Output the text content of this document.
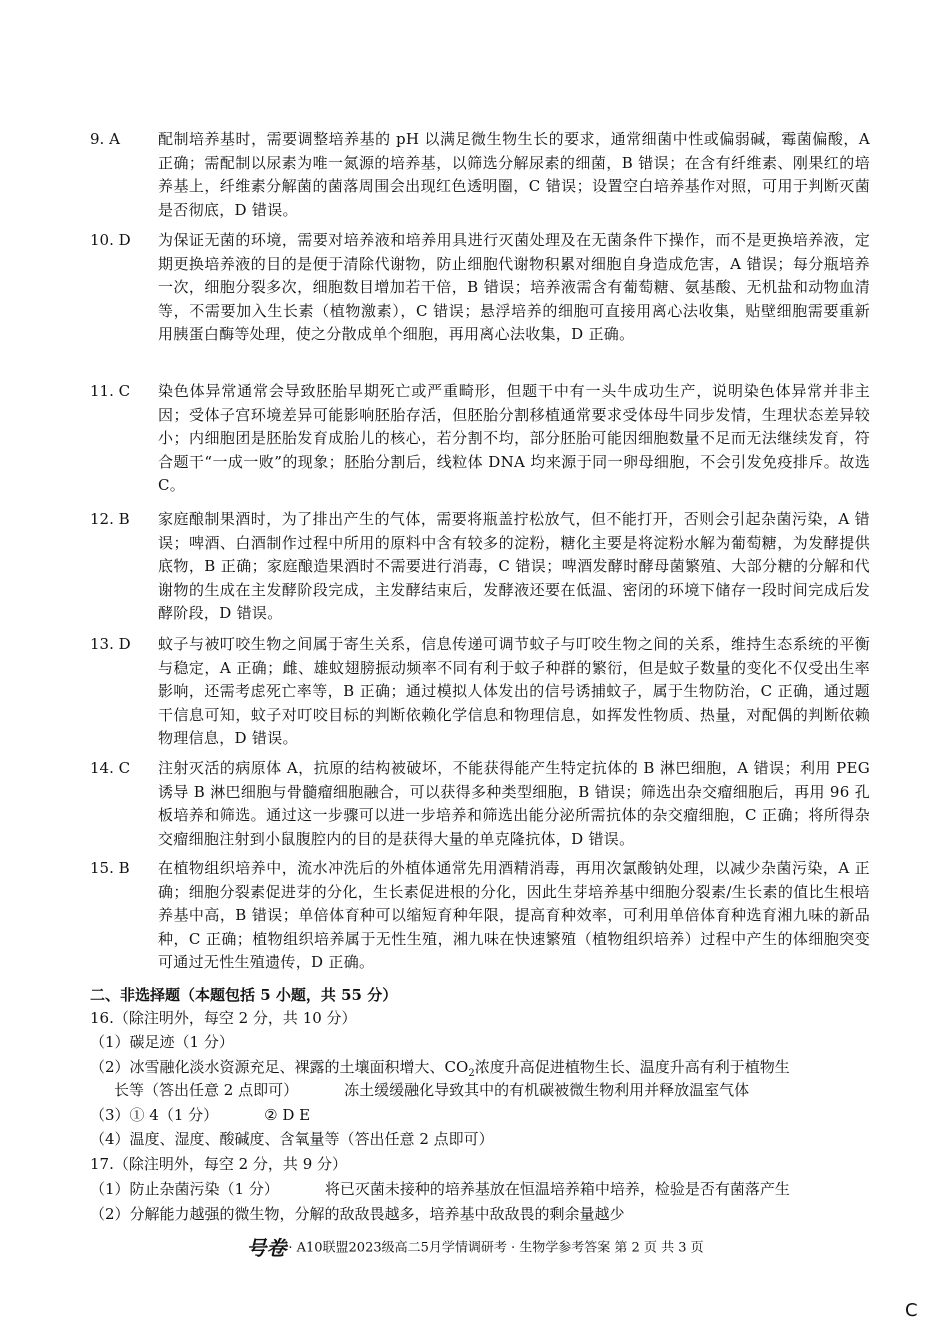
9. A	配制培养基时，需要调整培养基的 pH 以满足微生物生长的要求，通常细菌中性或偏弱碱，霉菌偏酸，A 正确；需配制以尿素为唯一氮源的培养基，以筛选分解尿素的细菌，B 错误；在含有纤维素、刚果红的培养基上，纤维素分解菌的菌落周围会出现红色透明圈，C 错误；设置空白培养基作对照，可用于判断灭菌是否彻底，D 错误。
10. D	为保证无菌的环境，需要对培养液和培养用具进行灭菌处理及在无菌条件下操作，而不是更换培养液，定期更换培养液的目的是便于清除代谢物，防止细胞代谢物积累对细胞自身造成危害，A 错误；每分瓶培养一次，细胞分裂多次，细胞数目增加若干倍，B 错误；培养液需含有葡萄糖、氨基酸、无机盐和动物血清等，不需要加入生长素（植物激素），C 错误；悬浮培养的细胞可直接用离心法收集，贴壁细胞需要重新用胰蛋白酶等处理，使之分散成单个细胞，再用离心法收集，D 正确。
11. C	染色体异常通常会导致胚胎早期死亡或严重畸形，但题干中有一头牛成功生产，说明染色体异常并非主因；受体子宫环境差异可能影响胚胎存活，但胚胎分割移植通常要求受体母牛同步发情，生理状态差异较小；内细胞团是胚胎发育成胎儿的核心，若分割不均，部分胚胎可能因细胞数量不足而无法继续发育，符合题干“一成一败”的现象；胚胎分割后，线粒体 DNA 均来源于同一卵母细胞，不会引发免疫排斥。故选 C。
12. B	家庭酿制果酒时，为了排出产生的气体，需要将瓶盖拧松放气，但不能打开，否则会引起杂菌污染，A 错误；啤酒、白酒制作过程中所用的原料中含有较多的淀粉，糖化主要是将淀粉水解为葡萄糖，为发酵提供底物，B 正确；家庭酿造果酒时不需要进行消毒，C 错误；啤酒发酵时酵母菌繁殖、大部分糖的分解和代谢物的生成在主发酵阶段完成，主发酵结束后，发酵液还要在低温、密闭的环境下储存一段时间完成后发酵阶段，D 错误。
13. D	蚊子与被叮咬生物之间属于寄生关系，信息传递可调节蚊子与叮咬生物之间的关系，维持生态系统的平衡与稳定，A 正确；雌、雄蚊翅膀振动频率不同有利于蚊子种群的繁衍，但是蚊子数量的变化不仅受出生率影响，还需考虑死亡率等，B 正确；通过模拟人体发出的信号诱捕蚊子，属于生物防治，C 正确，通过题干信息可知，蚊子对叮咬目标的判断依赖化学信息和物理信息，如挥发性物质、热量，对配偶的判断依赖物理信息，D 错误。
14. C	注射灭活的病原体 A，抗原的结构被破坏，不能获得能产生特定抗体的 B 淋巴细胞，A 错误；利用 PEG 诱导 B 淋巴细胞与骨髓瘤细胞融合，可以获得多种类型细胞，B 错误；筛选出杂交瘤细胞后，再用 96 孔板培养和筛选。通过这一步骤可以进一步培养和筛选出能分泌所需抗体的杂交瘤细胞，C 正确；将所得杂交瘤细胞注射到小鼠腹腔内的目的是获得大量的单克隆抗体，D 错误。
15. B	在植物组织培养中，流水冲洗后的外植体通常先用酒精消毒，再用次氯酸钠处理，以减少杂菌污染，A 正确；细胞分裂素促进芽的分化，生长素促进根的分化，因此生芽培养基中细胞分裂素/生长素的值比生根培养基中高，B 错误；单倍体育种可以缩短育种年限，提高育种效率，可利用单倍体育种选育湘九味的新品种，C 正确；植物组织培养属于无性生殖，湘九味在快速繁殖（植物组织培养）过程中产生的体细胞突变可通过无性生殖遗传，D 正确。
二、非选择题（本题包括 5 小题，共 55 分）
16.（除注明外，每空 2 分，共 10 分）
（1）碳足迹（1 分）
（2）冰雪融化淡水资源充足、裸露的土壤面积增大、$CO_2$浓度升高促进植物生长、温度升高有利于植物生
长等（答出任意 2 点即可）	冻土缓缓融化导致其中的有机碳被微生物利用并释放温室气体
（3）① 4（1 分）	② D E
（4）温度、湿度、酸碱度、含氧量等（答出任意 2 点即可）
17.（除注明外，每空 2 分，共 9 分）
（1）防止杂菌污染（1 分）	将已灭菌未接种的培养基放在恒温培养箱中培养，检验是否有菌落产生
（2）分解能力越强的微生物，分解的敌敌畏越多，培养基中敌敌畏的剩余量越少
号卷 · A10联盟2023级高二5月学情调研考 · 生物学参考答案 第 2 页 共 3 页
C
